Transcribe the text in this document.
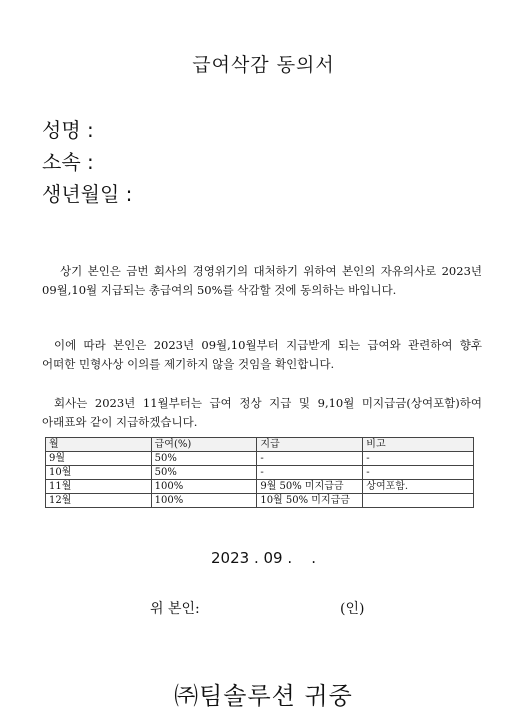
급여삭감 동의서
성명 :
소속 :
생년월일 :
상기 본인은 금번 회사의 경영위기의 대처하기 위하여 본인의 자유의사로 2023년 09월,10월 지급되는 총급여의 50%를 삭감할 것에 동의하는 바입니다.
이에 따라 본인은 2023년 09월,10월부터 지급받게 되는 급여와 관련하여 향후 어떠한 민형사상 이의를 제기하지 않을 것임을 확인합니다.
회사는 2023년 11월부터는 급여 정상 지급 및 9,10월 미지급금(상여포함)하여 아래표와 같이 지급하겠습니다.
월	급여(%)	지급	비고
9월	50%	-	-
10월	50%	-	-
11월	100%	9월 50% 미지급금	상여포함.
12월	100%	10월 50% 미지급금	
2023 . 09 .    .
위 본인:	(인)
㈜팀솔루션 귀중
